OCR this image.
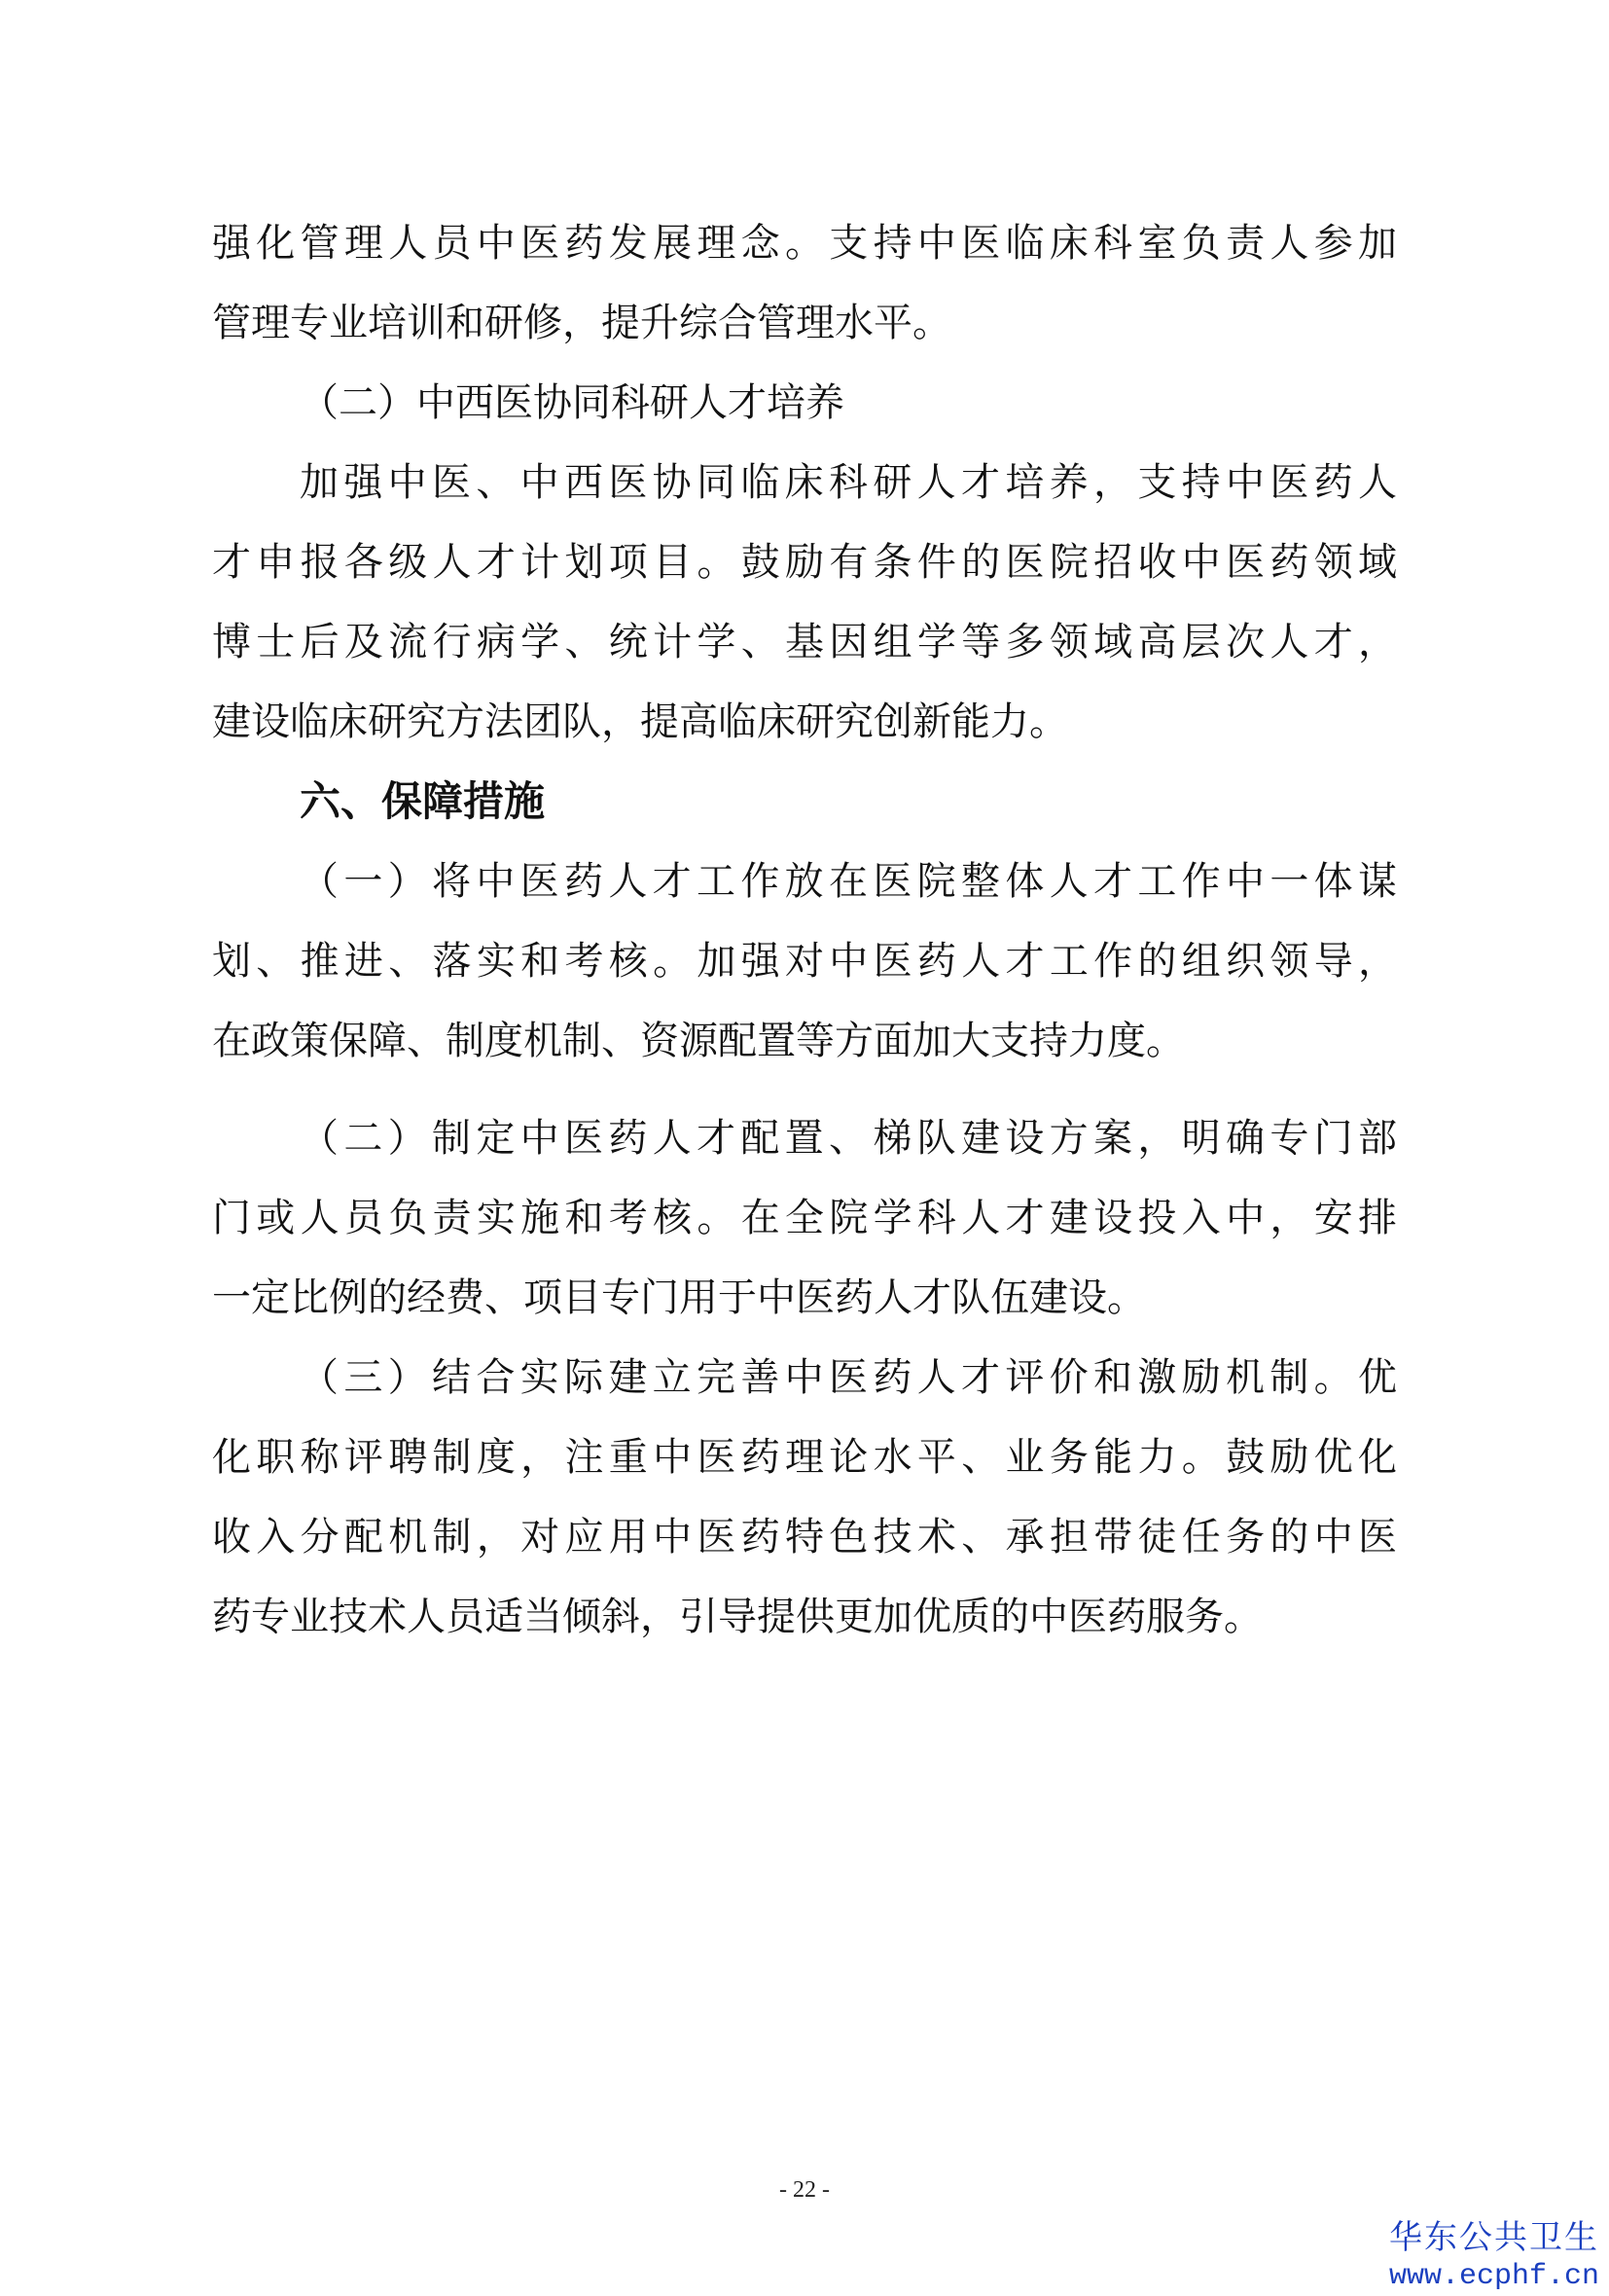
强化管理人员中医药发展理念。支持中医临床科室负责人参加
管理专业培训和研修，提升综合管理水平。
（二）中西医协同科研人才培养
加强中医、中西医协同临床科研人才培养，支持中医药人
才申报各级人才计划项目。鼓励有条件的医院招收中医药领域
博士后及流行病学、统计学、基因组学等多领域高层次人才，
建设临床研究方法团队，提高临床研究创新能力。
六、保障措施
（一）将中医药人才工作放在医院整体人才工作中一体谋
划、推进、落实和考核。加强对中医药人才工作的组织领导，
在政策保障、制度机制、资源配置等方面加大支持力度。
（二）制定中医药人才配置、梯队建设方案，明确专门部
门或人员负责实施和考核。在全院学科人才建设投入中，安排
一定比例的经费、项目专门用于中医药人才队伍建设。
（三）结合实际建立完善中医药人才评价和激励机制。优
化职称评聘制度，注重中医药理论水平、业务能力。鼓励优化
收入分配机制，对应用中医药特色技术、承担带徒任务的中医
药专业技术人员适当倾斜，引导提供更加优质的中医药服务。
- 22 -
华东公共卫生
www.ecphf.cn
